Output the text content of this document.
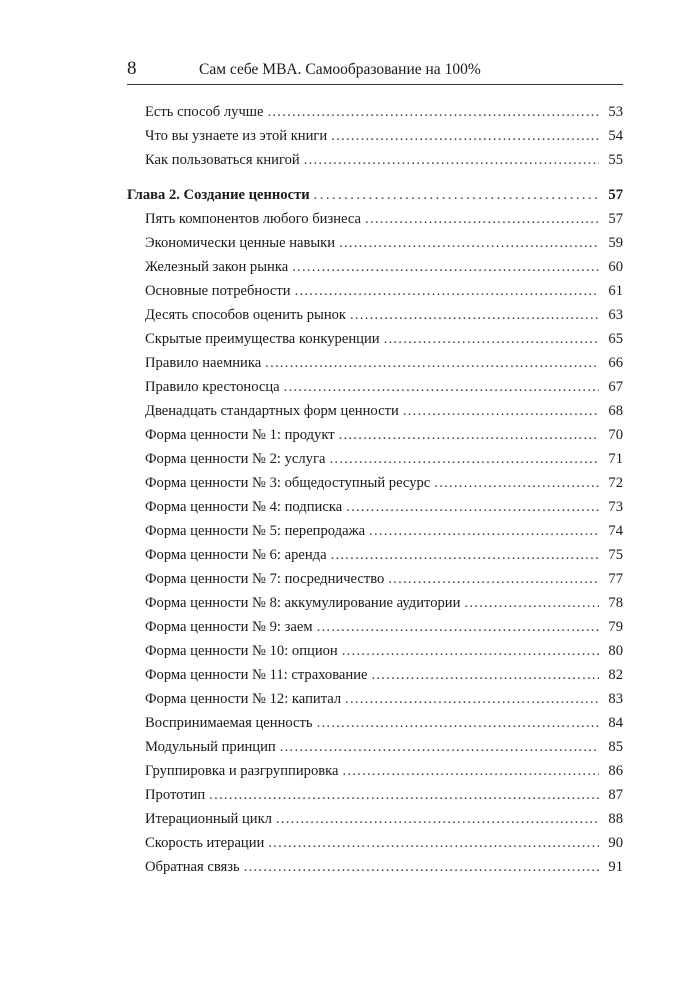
8	Сам себе MBA. Самообразование на 100%
Есть способ лучше . . .	53
Что вы узнаете из этой книги . . .	54
Как пользоваться книгой . . .	55
Глава 2. Создание ценности . . .	57
Пять компонентов любого бизнеса . . .	57
Экономически ценные навыки . . .	59
Железный закон рынка . . .	60
Основные потребности . . .	61
Десять способов оценить рынок . . .	63
Скрытые преимущества конкуренции . . .	65
Правило наемника . . .	66
Правило крестоносца . . .	67
Двенадцать стандартных форм ценности . . .	68
Форма ценности № 1: продукт . . .	70
Форма ценности № 2: услуга . . .	71
Форма ценности № 3: общедоступный ресурс . . .	72
Форма ценности № 4: подписка . . .	73
Форма ценности № 5: перепродажа . . .	74
Форма ценности № 6: аренда . . .	75
Форма ценности № 7: посредничество . . .	77
Форма ценности № 8: аккумулирование аудитории . . .	78
Форма ценности № 9: заем . . .	79
Форма ценности № 10: опцион . . .	80
Форма ценности № 11: страхование . . .	82
Форма ценности № 12: капитал . . .	83
Воспринимаемая ценность . . .	84
Модульный принцип . . .	85
Группировка и разгруппировка . . .	86
Прототип . . .	87
Итерационный цикл . . .	88
Скорость итерации . . .	90
Обратная связь . . .	91
